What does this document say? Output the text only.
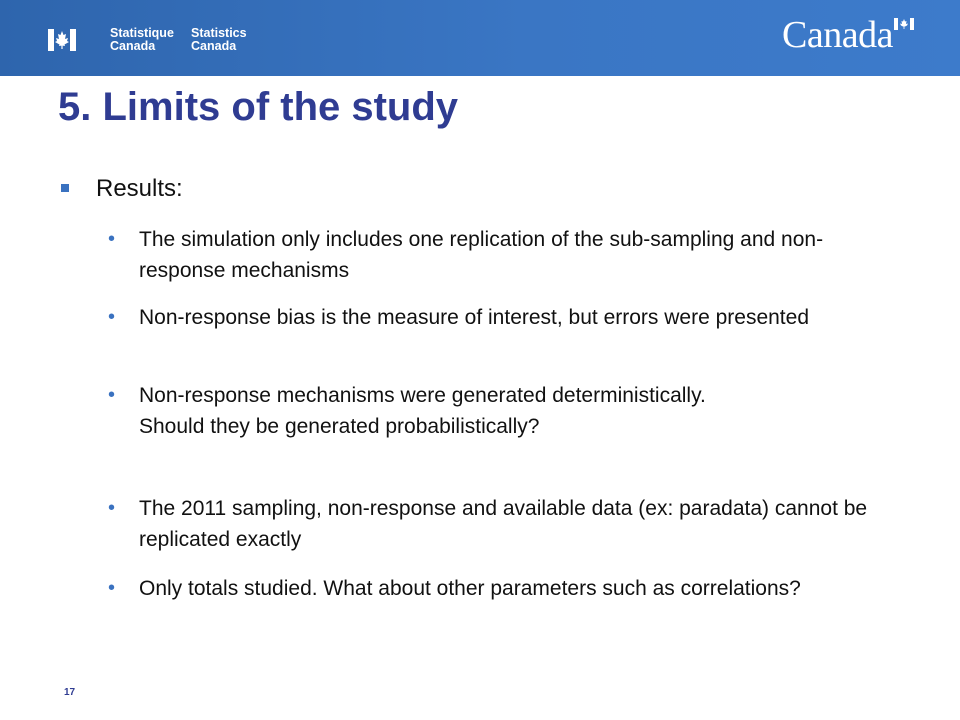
Statistique
Canada
Statistics
Canada	Canada
5. Limits of the study
Results:
• The simulation only includes one replication of the sub-sampling and non-response mechanisms
• Non-response bias is the measure of interest, but errors were presented
• Non-response mechanisms were generated deterministically. Should they be generated probabilistically?
• The 2011 sampling, non-response and available data (ex: paradata) cannot be replicated exactly
• Only totals studied. What about other parameters such as correlations?
17
